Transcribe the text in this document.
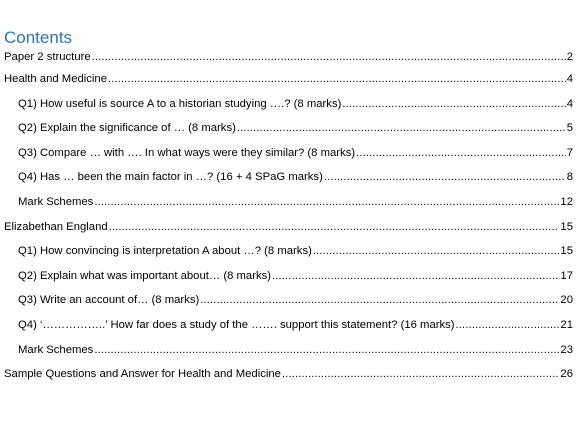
Contents
Paper 2 structure .....	2
Health and Medicine .....	4
Q1) How useful is source A to a historian studying ….? (8 marks) .....	4
Q2) Explain the significance of … (8 marks) .....	5
Q3) Compare … with …. In what ways were they similar? (8 marks) .....	7
Q4) Has … been the main factor in …? (16 + 4 SPaG marks) .....	8
Mark Schemes .....	12
Elizabethan England .....	15
Q1) How convincing is interpretation A about …? (8 marks) .....	15
Q2) Explain what was important about… (8 marks) .....	17
Q3) Write an account of… (8 marks) .....	20
Q4) ‘……………..’ How far does a study of the ……. support this statement? (16 marks) .....	21
Mark Schemes .....	23
Sample Questions and Answer for Health and Medicine .....	26
